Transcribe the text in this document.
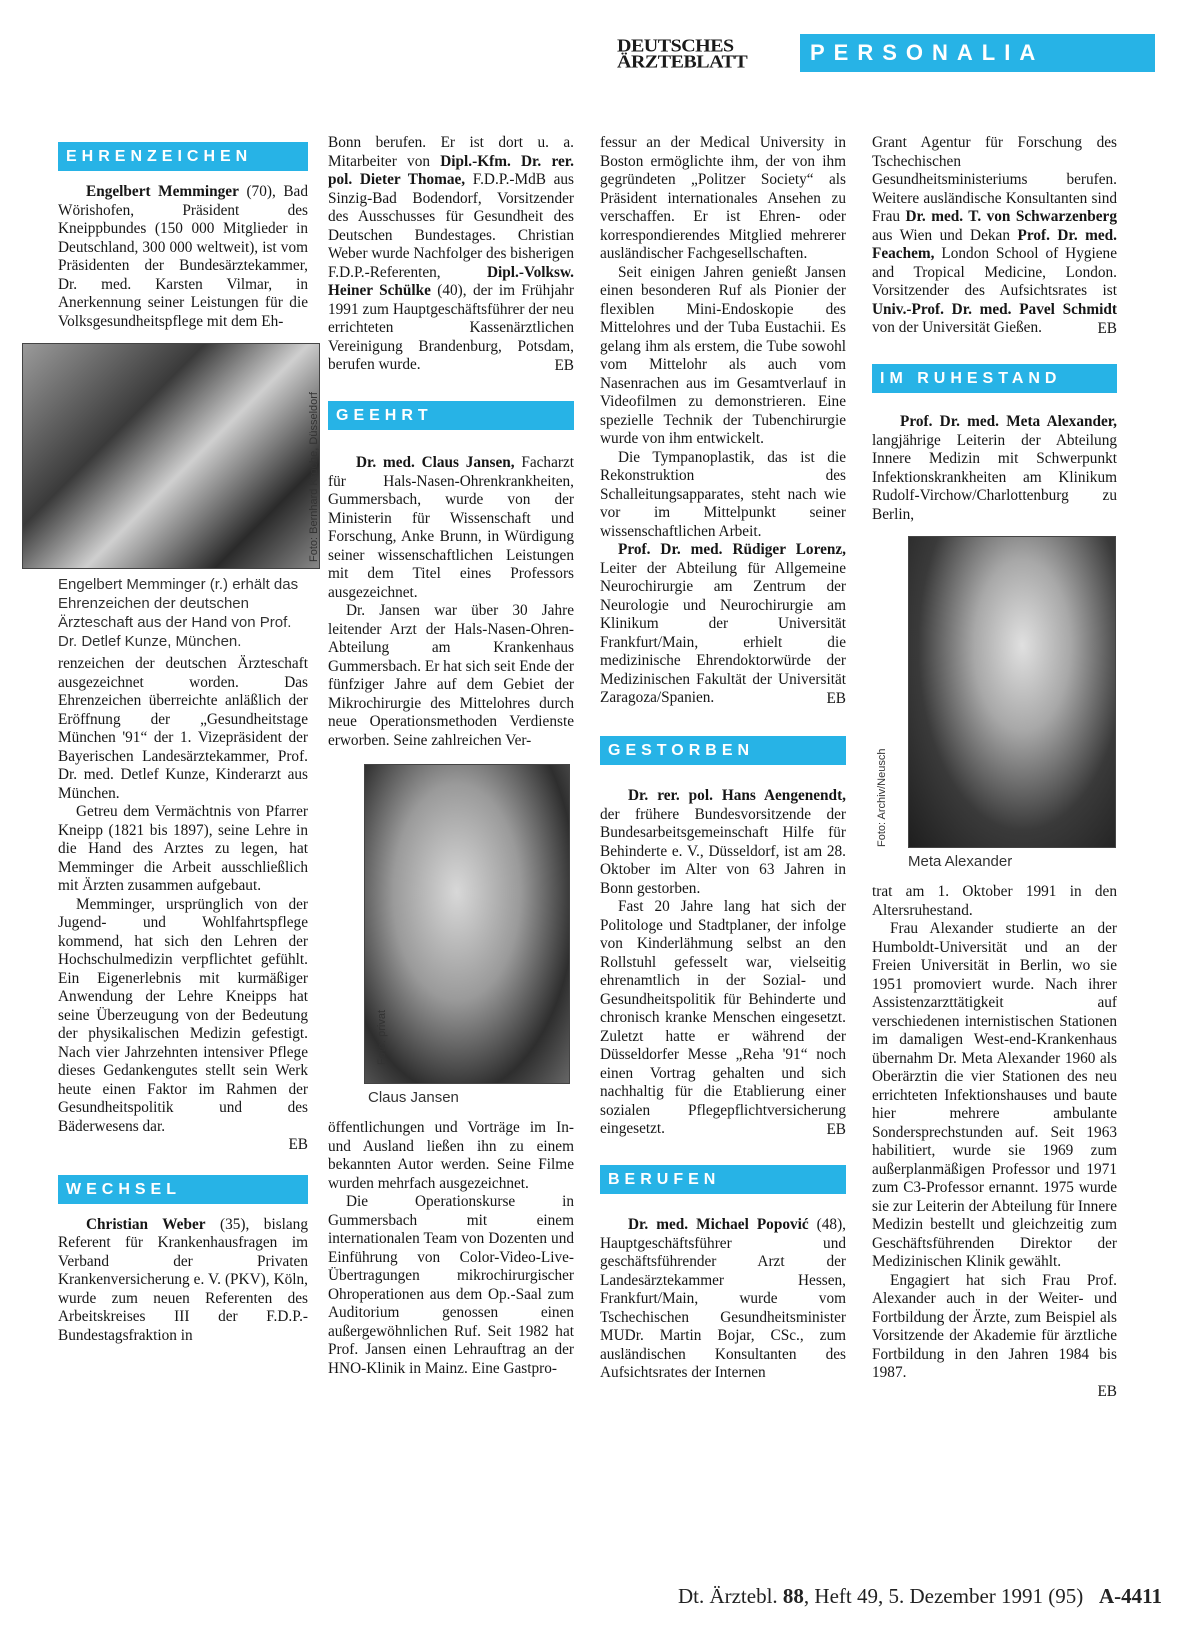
DEUTSCHES
ÄRZTEBLATT	PERSONALIA
EHRENZEICHEN

Engelbert Memminger (70), Bad Wörishofen, Präsident des Kneippbundes (150 000 Mitglieder in Deutschland, 300 000 weltweit), ist vom Präsidenten der Bundesärztekammer, Dr. med. Karsten Vilmar, in Anerkennung seiner Leistungen für die Volksgesundheitspflege mit dem Eh-

Foto: Bernhard Kroche, Düsseldorf
Engelbert Memminger (r.) erhält das Ehrenzeichen der deutschen Ärzteschaft aus der Hand von Prof. Dr. Detlef Kunze, München.

renzeichen der deutschen Ärzteschaft ausgezeichnet worden. Das Ehrenzeichen überreichte anläßlich der Eröffnung der „Gesundheitstage München '91“ der 1. Vizepräsident der Bayerischen Landesärztekammer, Prof. Dr. med. Detlef Kunze, Kinderarzt aus München.

Getreu dem Vermächtnis von Pfarrer Kneipp (1821 bis 1897), seine Lehre in die Hand des Arztes zu legen, hat Memminger die Arbeit ausschließlich mit Ärzten zusammen aufgebaut.

Memminger, ursprünglich von der Jugend- und Wohlfahrtspflege kommend, hat sich den Lehren der Hochschulmedizin verpflichtet gefühlt. Ein Eigenerlebnis mit kurmäßiger Anwendung der Lehre Kneipps hat seine Überzeugung von der Bedeutung der physikalischen Medizin gefestigt. Nach vier Jahrzehnten intensiver Pflege dieses Gedankengutes stellt sein Werk heute einen Faktor im Rahmen der Gesundheitspolitik und des Bäderwesens dar.

EB
WECHSEL

Christian Weber (35), bislang Referent für Krankenhausfragen im Verband der Privaten Krankenversicherung e. V. (PKV), Köln, wurde zum neuen Referenten des Arbeitskreises III der F.D.P.-Bundestagsfraktion in

Bonn berufen. Er ist dort u. a. Mitarbeiter von Dipl.-Kfm. Dr. rer. pol. Dieter Thomae, F.D.P.-MdB aus Sinzig-Bad Bodendorf, Vorsitzender des Ausschusses für Gesundheit des Deutschen Bundestages. Christian Weber wurde Nachfolger des bisherigen F.D.P.-Referenten, Dipl.-Volksw. Heiner Schülke (40), der im Frühjahr 1991 zum Hauptgeschäftsführer der neu errichteten Kassenärztlichen Vereinigung Brandenburg, Potsdam, berufen wurde.	EB
GEEHRT

Dr. med. Claus Jansen, Facharzt für Hals-Nasen-Ohrenkrankheiten, Gummersbach, wurde von der Ministerin für Wissenschaft und Forschung, Anke Brunn, in Würdigung seiner wissenschaftlichen Leistungen mit dem Titel eines Professors ausgezeichnet.

Dr. Jansen war über 30 Jahre leitender Arzt der Hals-Nasen-Ohren-Abteilung am Krankenhaus Gummersbach. Er hat sich seit Ende der fünfziger Jahre auf dem Gebiet der Mikrochirurgie des Mittelohres durch neue Operationsmethoden Verdienste erworben. Seine zahlreichen Ver-

Foto: privat
Claus Jansen

öffentlichungen und Vorträge im In- und Ausland ließen ihn zu einem bekannten Autor werden. Seine Filme wurden mehrfach ausgezeichnet.

Die Operationskurse in Gummersbach mit einem internationalen Team von Dozenten und Einführung von Color-Video-Live-Übertragungen mikrochirurgischer Ohroperationen aus dem Op.-Saal zum Auditorium genossen einen außergewöhnlichen Ruf. Seit 1982 hat Prof. Jansen einen Lehrauftrag an der HNO-Klinik in Mainz. Eine Gastpro-

fessur an der Medical University in Boston ermöglichte ihm, der von ihm gegründeten „Politzer Society“ als Präsident internationales Ansehen zu verschaffen. Er ist Ehren- oder korrespondierendes Mitglied mehrerer ausländischer Fachgesellschaften.

Seit einigen Jahren genießt Jansen einen besonderen Ruf als Pionier der flexiblen Mini-Endoskopie des Mittelohres und der Tuba Eustachii. Es gelang ihm als erstem, die Tube sowohl vom Mittelohr als auch vom Nasenrachen aus im Gesamtverlauf in Videofilmen zu demonstrieren. Eine spezielle Technik der Tubenchirurgie wurde von ihm entwickelt.

Die Tympanoplastik, das ist die Rekonstruktion des Schalleitungsapparates, steht nach wie vor im Mittelpunkt seiner wissenschaftlichen Arbeit.

Prof. Dr. med. Rüdiger Lorenz, Leiter der Abteilung für Allgemeine Neurochirurgie am Zentrum der Neurologie und Neurochirurgie am Klinikum der Universität Frankfurt/Main, erhielt die medizinische Ehrendoktorwürde der Medizinischen Fakultät der Universität Zaragoza/Spanien.	EB
GESTORBEN

Dr. rer. pol. Hans Aengenendt, der frühere Bundesvorsitzende der Bundesarbeitsgemeinschaft Hilfe für Behinderte e. V., Düsseldorf, ist am 28. Oktober im Alter von 63 Jahren in Bonn gestorben.

Fast 20 Jahre lang hat sich der Politologe und Stadtplaner, der infolge von Kinderlähmung selbst an den Rollstuhl gefesselt war, vielseitig ehrenamtlich in der Sozial- und Gesundheitspolitik für Behinderte und chronisch kranke Menschen eingesetzt. Zuletzt hatte er während der Düsseldorfer Messe „Reha '91“ noch einen Vortrag gehalten und sich nachhaltig für die Etablierung einer sozialen Pflegepflichtversicherung eingesetzt.	EB
BERUFEN

Dr. med. Michael Popović (48), Hauptgeschäftsführer und geschäftsführender Arzt der Landesärztekammer Hessen, Frankfurt/Main, wurde vom Tschechischen Gesundheitsminister MUDr. Martin Bojar, CSc., zum ausländischen Konsultanten des Aufsichtsrates der Internen

Grant Agentur für Forschung des Tschechischen Gesundheitsministeriums berufen. Weitere ausländische Konsultanten sind Frau Dr. med. T. von Schwarzenberg aus Wien und Dekan Prof. Dr. med. Feachem, London School of Hygiene and Tropical Medicine, London. Vorsitzender des Aufsichtsrates ist Univ.-Prof. Dr. med. Pavel Schmidt von der Universität Gießen.	EB
IM RUHESTAND

Prof. Dr. med. Meta Alexander, langjährige Leiterin der Abteilung Innere Medizin mit Schwerpunkt Infektionskrankheiten am Klinikum Rudolf-Virchow/Charlottenburg zu Berlin,

Foto: Archiv/Neusch
Meta Alexander

trat am 1. Oktober 1991 in den Altersruhestand.

Frau Alexander studierte an der Humboldt-Universität und an der Freien Universität in Berlin, wo sie 1951 promoviert wurde. Nach ihrer Assistenzarzttätigkeit auf verschiedenen internistischen Stationen im damaligen West-end-Krankenhaus übernahm Dr. Meta Alexander 1960 als Oberärztin die vier Stationen des neu errichteten Infektionshauses und baute hier mehrere ambulante Sondersprechstunden auf. Seit 1963 habilitiert, wurde sie 1969 zum außerplanmäßigen Professor und 1971 zum C3-Professor ernannt. 1975 wurde sie zur Leiterin der Abteilung für Innere Medizin bestellt und gleichzeitig zum Geschäftsführenden Direktor der Medizinischen Klinik gewählt.

Engagiert hat sich Frau Prof. Alexander auch in der Weiter- und Fortbildung der Ärzte, zum Beispiel als Vorsitzende der Akademie für ärztliche Fortbildung in den Jahren 1984 bis 1987.

EB
Dt. Ärztebl. 88, Heft 49, 5. Dezember 1991 (95) A-4411
